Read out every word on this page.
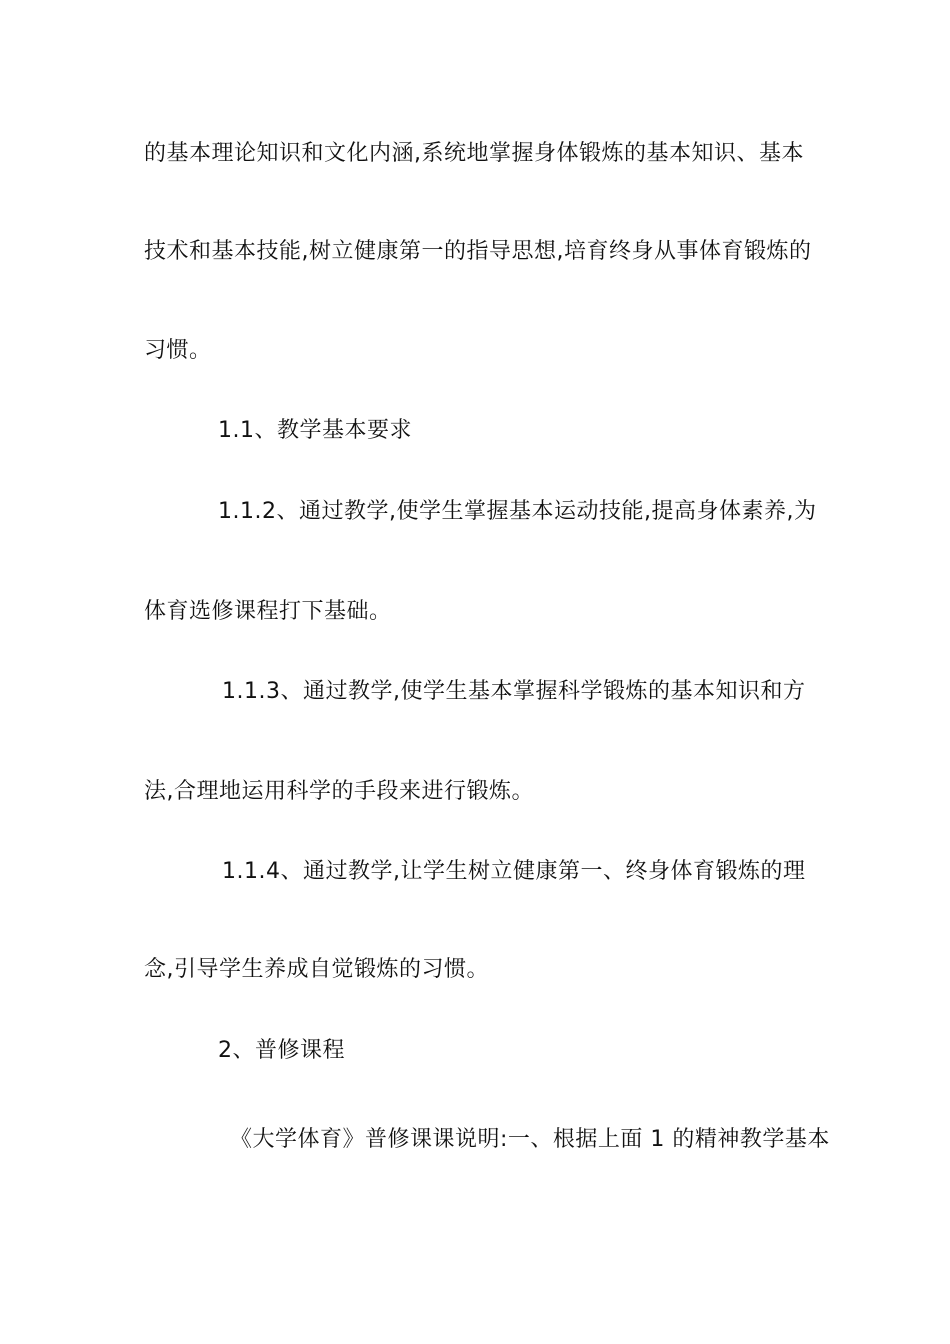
的基本理论知识和文化内涵,系统地掌握身体锻炼的基本知识、基本
技术和基本技能,树立健康第一的指导思想,培育终身从事体育锻炼的
习惯。
1.1、教学基本要求
1.1.2、通过教学,使学生掌握基本运动技能,提高身体素养,为
体育选修课程打下基础。
1.1.3、通过教学,使学生基本掌握科学锻炼的基本知识和方
法,合理地运用科学的手段来进行锻炼。
1.1.4、通过教学,让学生树立健康第一、终身体育锻炼的理
念,引导学生养成自觉锻炼的习惯。
2、普修课程
《大学体育》普修课课说明:一、根据上面 1 的精神教学基本
